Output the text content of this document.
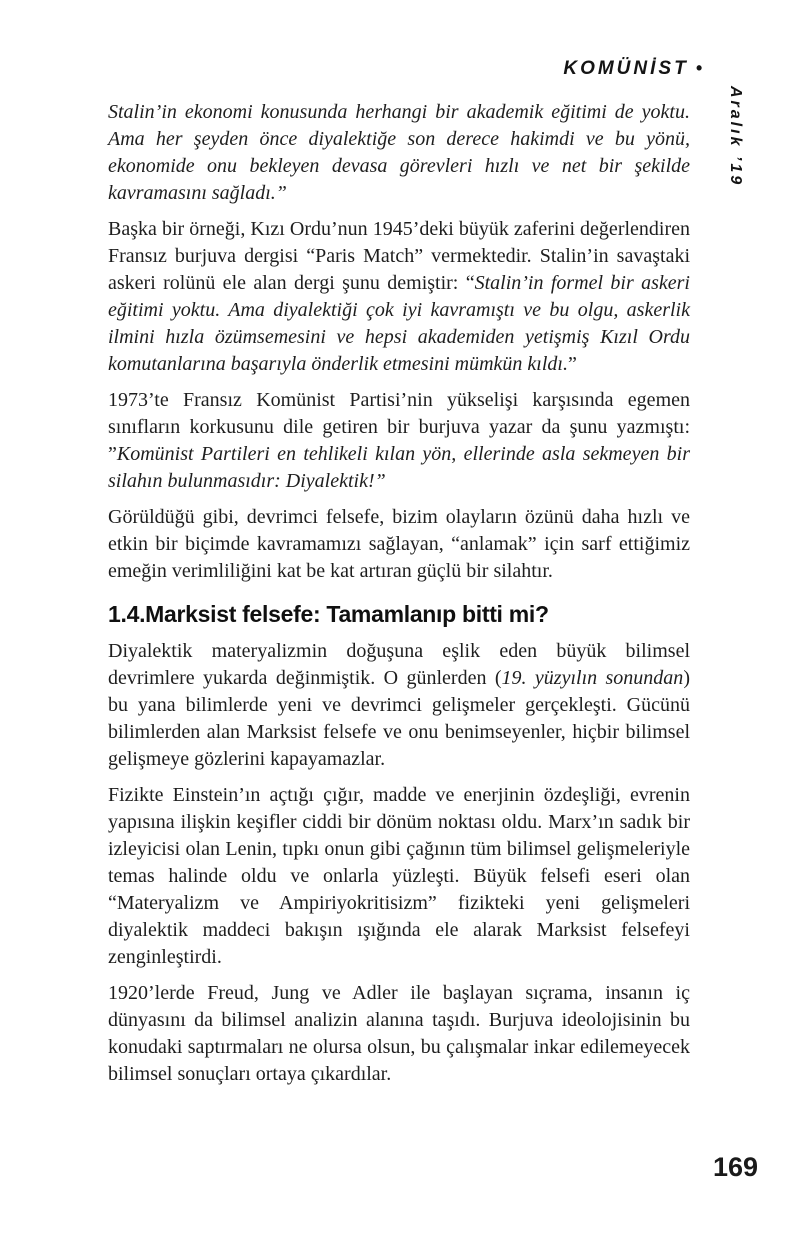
KOMÜNİST •
Aralık ’19

Stalin’in ekonomi konusunda herhangi bir akademik eğitimi de yoktu. Ama her şeyden önce diyalektiğe son derece hakimdi ve bu yönü, ekonomide onu bekleyen devasa görevleri hızlı ve net bir şekilde kavramasını sağladı.”

Başka bir örneği, Kızı Ordu’nun 1945’deki büyük zaferini değerlendiren Fransız burjuva dergisi “Paris Match” vermektedir. Stalin’in savaştaki askeri rolünü ele alan dergi şunu demiştir: “Stalin’in formel bir askeri eğitimi yoktu. Ama diyalektiği çok iyi kavramıştı ve bu olgu, askerlik ilmini hızla özümsemesini ve hepsi akademiden yetişmiş Kızıl Ordu komutanlarına başarıyla önderlik etmesini mümkün kıldı.”

1973’te Fransız Komünist Partisi’nin yükselişi karşısında egemen sınıfların korkusunu dile getiren bir burjuva yazar da şunu yazmıştı: ”Komünist Partileri en tehlikeli kılan yön, ellerinde asla sekmeyen bir silahın bulunmasıdır: Diyalektik!”

Görüldüğü gibi, devrimci felsefe, bizim olayların özünü daha hızlı ve etkin bir biçimde kavramamızı sağlayan, “anlamak” için sarf ettiğimiz emeğin verimliliğini kat be kat artıran güçlü bir silahtır.

1.4.Marksist felsefe: Tamamlanıp bitti mi?

Diyalektik materyalizmin doğuşuna eşlik eden büyük bilimsel devrimlere yukarda değinmiştik. O günlerden (19. yüzyılın sonundan) bu yana bilimlerde yeni ve devrimci gelişmeler gerçekleşti. Gücünü bilimlerden alan Marksist felsefe ve onu benimseyenler, hiçbir bilimsel gelişmeye gözlerini kapayamazlar.

Fizikte Einstein’ın açtığı çığır, madde ve enerjinin özdeşliği, evrenin yapısına ilişkin keşifler ciddi bir dönüm noktası oldu. Marx’ın sadık bir izleyicisi olan Lenin, tıpkı onun gibi çağının tüm bilimsel gelişmeleriyle temas halinde oldu ve onlarla yüzleşti. Büyük felsefi eseri olan “Materyalizm ve Ampiriyokritisizm” fizikteki yeni gelişmeleri diyalektik maddeci bakışın ışığında ele alarak Marksist felsefeyi zenginleştirdi.

1920’lerde Freud, Jung ve Adler ile başlayan sıçrama, insanın iç dünyasını da bilimsel analizin alanına taşıdı. Burjuva ideolojisinin bu konudaki saptırmaları ne olursa olsun, bu çalışmalar inkar edilemeyecek bilimsel sonuçları ortaya çıkardılar.

169
